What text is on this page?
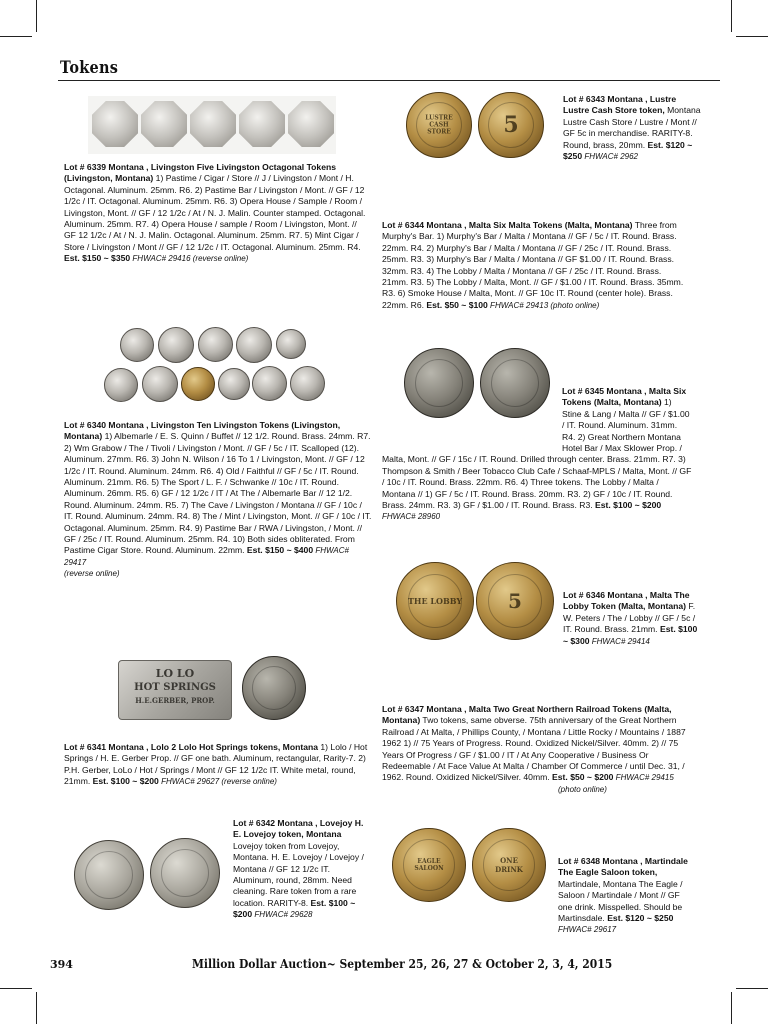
Tokens
Lot # 6339 Montana , Livingston Five Livingston Octagonal Tokens (Livingston, Montana) 1) Pastime / Cigar / Store // J / Livingston / Mont / H. Octagonal. Aluminum. 25mm. R6. 2) Pastime Bar / Livingston / Mont. // GF / 12 1/2c / IT. Octagonal. Aluminum. 25mm. R6. 3) Opera House / Sample / Room / Livingston, Mont. // GF / 12 1/2c / At / N. J. Malin. Counter stamped. Octagonal. Aluminum. 25mm. R7. 4) Opera House / sample / Room / Livingston, Mont. // GF 12 1/2c / At / N. J. Malin. Octagonal. Aluminum. 25mm. R7. 5) Mint Cigar / Store / Livingston / Mont // GF / 12 1/2c / IT. Octagonal. Aluminum. 25mm. R4. Est. $150 ~ $350 FHWAC# 29416 (reverse online)
Lot # 6340 Montana , Livingston Ten Livingston Tokens (Livingston, Montana) 1) Albemarle / E. S. Quinn / Buffet // 12 1/2. Round. Brass. 24mm. R7. 2) Wm Grabow / The / Tivoli / Livingston / Mont. // GF / 5c / IT. Scalloped (12). Aluminum. 27mm. R6. 3) John N. Wilson / 16 To 1 / Livingston, Mont. // GF / 12 1/2c / IT. Round. Aluminum. 24mm. R6. 4) Old / Faithful // GF / 5c / IT. Round. Aluminum. 21mm. R6. 5) The Sport / L. F. / Schwanke // 10c / IT. Round. Aluminum. 26mm. R5. 6) GF / 12 1/2c / IT / At The / Albemarle Bar // 12 1/2. Round. Aluminum. 24mm. R5. 7) The Cave / Livingston / Montana // GF / 10c / IT. Round. Aluminum. 24mm. R4. 8) The / Mint / Livingston, Mont. // GF / 10c / IT. Octagonal. Aluminum. 25mm. R4. 9) Pastime Bar / RWA / Livingston, / Mont. // GF / 25c / IT. Round. Aluminum. 25mm. R4. 10) Both sides obliterated. From Pastime Cigar Store. Round. Aluminum. 22mm. Est. $150 ~ $400 FHWAC# 29417
(reverse online)
LO LO
HOT SPRINGS
H.E.GERBER, PROP.
Lot # 6341 Montana , Lolo 2 Lolo Hot Springs tokens, Montana 1) Lolo / Hot Springs / H. E. Gerber Prop. // GF one bath. Aluminum, rectangular, Rarity-7. 2) P.H. Gerber, LoLo / Hot / Springs / Mont // GF 12 1/2c IT. White metal, round, 21mm. Est. $100 ~ $200 FHWAC# 29627 (reverse online)
Lot # 6342 Montana , Lovejoy H. E. Lovejoy token, Montana Lovejoy token from Lovejoy, Montana. H. E. Lovejoy / Lovejoy / Montana // GF 12 1/2c IT. Aluminum, round, 28mm. Need cleaning. Rare token from a rare location. RARITY-8. Est. $100 ~ $200 FHWAC# 29628
LUSTRE CASH STORE	5
Lot # 6343 Montana , Lustre Lustre Cash Store token, Montana Lustre Cash Store / Lustre / Mont // GF 5c in merchandise. RARITY-8. Round, brass, 20mm. Est. $120 ~ $250 FHWAC# 2962
Lot # 6344 Montana , Malta Six Malta Tokens (Malta, Montana) Three from Murphy's Bar. 1) Murphy's Bar / Malta / Montana // GF / 5c / IT. Round. Brass. 22mm. R4. 2) Murphy's Bar / Malta / Montana // GF / 25c / IT. Round. Brass. 25mm. R3. 3) Murphy's Bar / Malta / Montana // GF $1.00 / IT. Round. Brass. 32mm. R3. 4) The Lobby / Malta / Montana // GF / 25c / IT. Round. Brass. 21mm. R3. 5) The Lobby / Malta, Mont. // GF / $1.00 / IT. Round. Brass. 35mm. R3. 6) Smoke House / Malta, Mont. // GF 10c IT. Round (center hole). Brass. 22mm. R6. Est. $50 ~ $100 FHWAC# 29413 (photo online)
Lot # 6345 Montana , Malta Six Tokens (Malta, Montana) 1) Stine & Lang / Malta // GF / $1.00 / IT. Round. Aluminum. 31mm. R4. 2) Great Northern Montana Hotel Bar / Max Sklower Prop. / Malta, Mont. // GF / 15c / IT. Round. Drilled through center. Brass. 21mm. R7. 3) Thompson & Smith / Beer Tobacco Club Cafe / Schaaf-MPLS / Malta, Mont. // GF / 10c / IT. Round. Brass. 22mm. R6. 4) Three tokens. The Lobby / Malta / Montana // 1) GF / 5c / IT. Round. Brass. 20mm. R3. 2) GF / 10c / IT. Round. Brass. 24mm. R3. 3) GF / $1.00 / IT. Round. Brass. R3. Est. $100 ~ $200 FHWAC# 28960
THE LOBBY	5	Lot # 6346 Montana , Malta The Lobby Token (Malta, Montana) F. W. Peters / The / Lobby // GF / 5c / IT. Round. Brass. 21mm. Est. $100 ~ $300 FHWAC# 29414
Lot # 6347 Montana , Malta Two Great Northern Railroad Tokens (Malta, Montana) Two tokens, same obverse. 75th anniversary of the Great Northern Railroad / At Malta, / Phillips County, / Montana / Little Rocky / Mountains / 1887 1962 1) // 75 Years of Progress. Round. Oxidized Nickel/Silver. 40mm. 2) // 75 Years Of Progress / GF / $1.00 / IT / At Any Cooperative / Business Or Redeemable / At Face Value At Malta / Chamber Of Commerce / until Dec. 31, / 1962. Round. Oxidized Nickel/Silver. 40mm. Est. $50 ~ $200 FHWAC# 29415
(photo online)
EAGLE SALOON
ONE DRINK
Lot # 6348 Montana , Martindale The Eagle Saloon token, Martindale, Montana The Eagle / Saloon / Martindale / Mont // GF one drink. Misspelled. Should be Martinsdale. Est. $120 ~ $250 FHWAC# 29617
394	Million Dollar Auction~ September 25, 26, 27 & October 2, 3, 4, 2015
